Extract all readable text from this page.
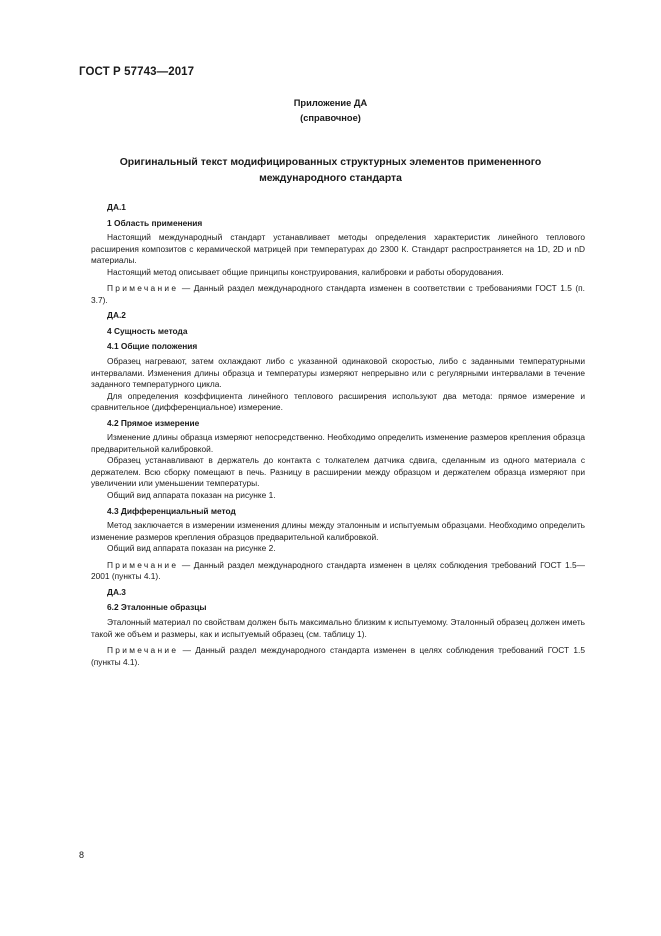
ГОСТ Р 57743—2017
Приложение ДА
(справочное)
Оригинальный текст модифицированных структурных элементов примененного
международного стандарта

ДА.1

1 Область применения

Настоящий международный стандарт устанавливает методы определения характеристик линейного теплового расширения композитов с керамической матрицей при температурах до 2300 К. Стандарт распространяется на 1D, 2D и nD материалы.

Настоящий метод описывает общие принципы конструирования, калибровки и работы оборудования.

Примечание — Данный раздел международного стандарта изменен в соответствии с требованиями ГОСТ 1.5 (п. 3.7).

ДА.2

4 Сущность метода

4.1 Общие положения

Образец нагревают, затем охлаждают либо с указанной одинаковой скоростью, либо с заданными температурными интервалами. Изменения длины образца и температуры измеряют непрерывно или с регулярными интервалами в течение заданного температурного цикла.

Для определения коэффициента линейного теплового расширения используют два метода: прямое измерение и сравнительное (дифференциальное) измерение.

4.2 Прямое измерение

Изменение длины образца измеряют непосредственно. Необходимо определить изменение размеров крепления образца предварительной калибровкой.

Образец устанавливают в держатель до контакта с толкателем датчика сдвига, сделанным из одного материала с держателем. Всю сборку помещают в печь. Разницу в расширении между образцом и держателем образца измеряют при увеличении или уменьшении температуры.

Общий вид аппарата показан на рисунке 1.

4.3 Дифференциальный метод

Метод заключается в измерении изменения длины между эталонным и испытуемым образцами. Необходимо определить изменение размеров крепления образцов предварительной калибровкой.

Общий вид аппарата показан на рисунке 2.

Примечание — Данный раздел международного стандарта изменен в целях соблюдения требований ГОСТ 1.5—2001 (пункты 4.1).

ДА.3

6.2 Эталонные образцы

Эталонный материал по свойствам должен быть максимально близким к испытуемому. Эталонный образец должен иметь такой же объем и размеры, как и испытуемый образец (см. таблицу 1).

Примечание — Данный раздел международного стандарта изменен в целях соблюдения требований ГОСТ 1.5 (пункты 4.1).

8
